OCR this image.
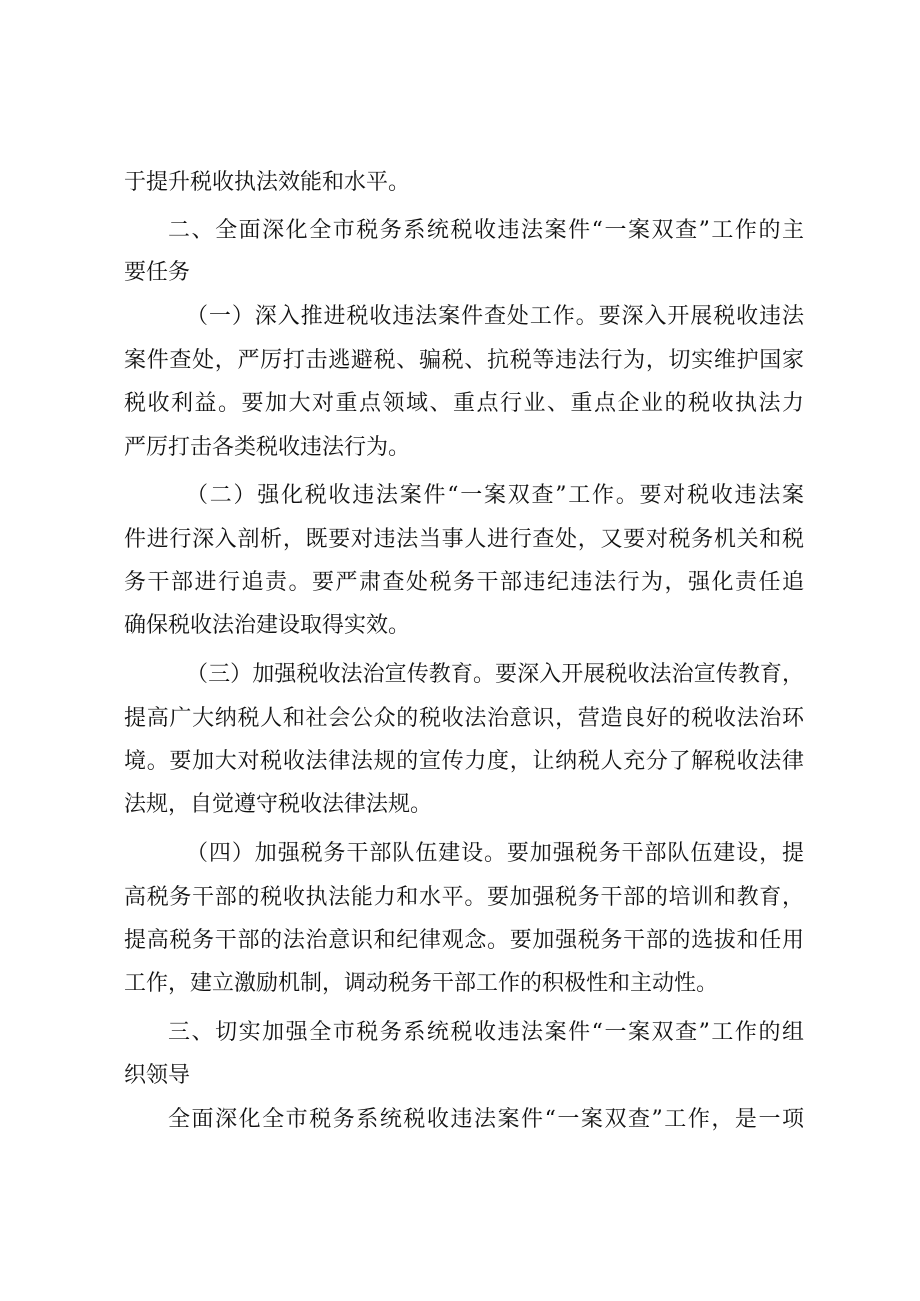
于提升税收执法效能和水平。
二、全面深化全市税务系统税收违法案件“一案双查”工作的主
要任务
（一）深入推进税收违法案件查处工作。要深入开展税收违法
案件查处，严厉打击逃避税、骗税、抗税等违法行为，切实维护国家
税收利益。要加大对重点领域、重点行业、重点企业的税收执法力
严厉打击各类税收违法行为。
（二）强化税收违法案件“一案双查”工作。要对税收违法案
件进行深入剖析，既要对违法当事人进行查处，又要对税务机关和税
务干部进行追责。要严肃查处税务干部违纪违法行为，强化责任追
确保税收法治建设取得实效。
（三）加强税收法治宣传教育。要深入开展税收法治宣传教育，
提高广大纳税人和社会公众的税收法治意识，营造良好的税收法治环
境。要加大对税收法律法规的宣传力度，让纳税人充分了解税收法律
法规，自觉遵守税收法律法规。
（四）加强税务干部队伍建设。要加强税务干部队伍建设，提
高税务干部的税收执法能力和水平。要加强税务干部的培训和教育，
提高税务干部的法治意识和纪律观念。要加强税务干部的选拔和任用
工作，建立激励机制，调动税务干部工作的积极性和主动性。
三、切实加强全市税务系统税收违法案件“一案双查”工作的组
织领导
全面深化全市税务系统税收违法案件“一案双查”工作，是一项
